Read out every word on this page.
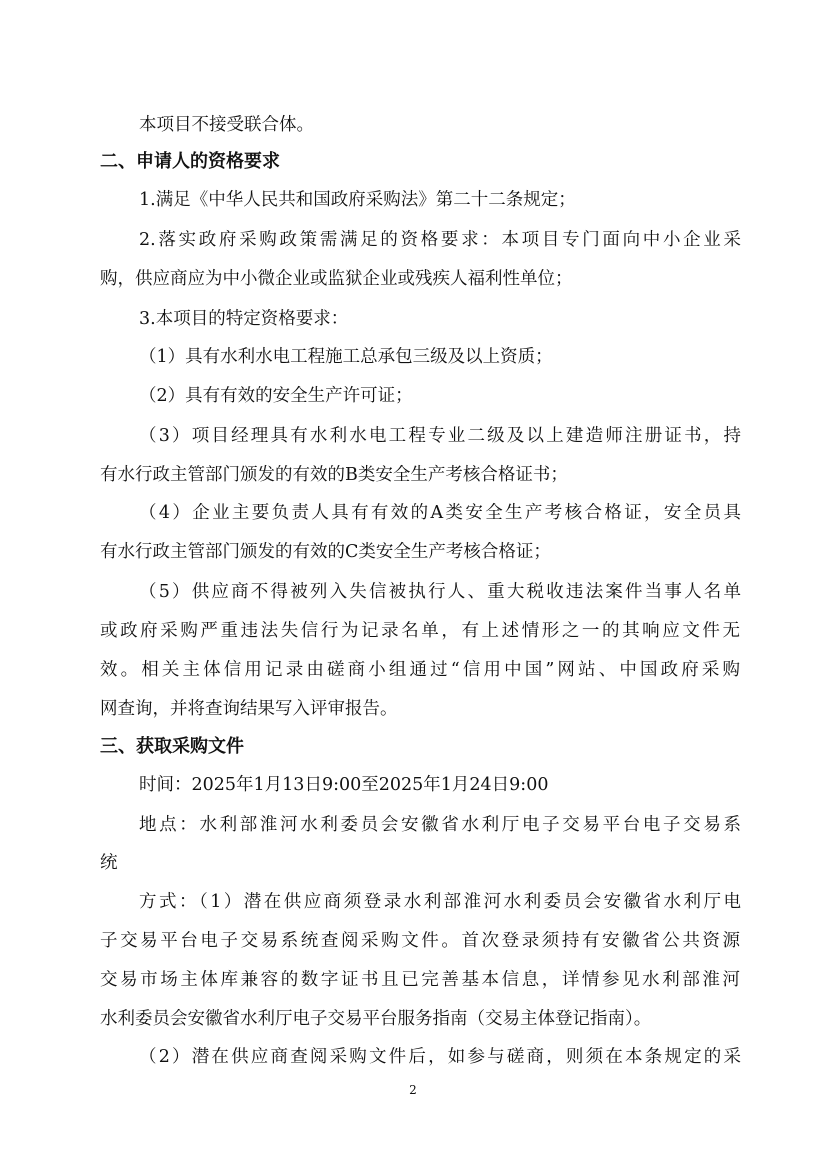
本项目不接受联合体。
二、申请人的资格要求
1.满足《中华人民共和国政府采购法》第二十二条规定；
2.落实政府采购政策需满足的资格要求：本项目专门面向中小企业采
购，供应商应为中小微企业或监狱企业或残疾人福利性单位；
3.本项目的特定资格要求：
（1）具有水利水电工程施工总承包三级及以上资质；
（2）具有有效的安全生产许可证；
（3）项目经理具有水利水电工程专业二级及以上建造师注册证书，持
有水行政主管部门颁发的有效的B类安全生产考核合格证书；
（4）企业主要负责人具有有效的A类安全生产考核合格证，安全员具
有水行政主管部门颁发的有效的C类安全生产考核合格证；
（5）供应商不得被列入失信被执行人、重大税收违法案件当事人名单
或政府采购严重违法失信行为记录名单，有上述情形之一的其响应文件无
效。相关主体信用记录由磋商小组通过“信用中国”网站、中国政府采购
网查询，并将查询结果写入评审报告。
三、获取采购文件
时间：2025年1月13日9:00至2025年1月24日9:00
地点：水利部淮河水利委员会安徽省水利厅电子交易平台电子交易系
统
方式：（1）潜在供应商须登录水利部淮河水利委员会安徽省水利厅电
子交易平台电子交易系统查阅采购文件。首次登录须持有安徽省公共资源
交易市场主体库兼容的数字证书且已完善基本信息，详情参见水利部淮河
水利委员会安徽省水利厅电子交易平台服务指南（交易主体登记指南）。
（2）潜在供应商查阅采购文件后，如参与磋商，则须在本条规定的采
2
